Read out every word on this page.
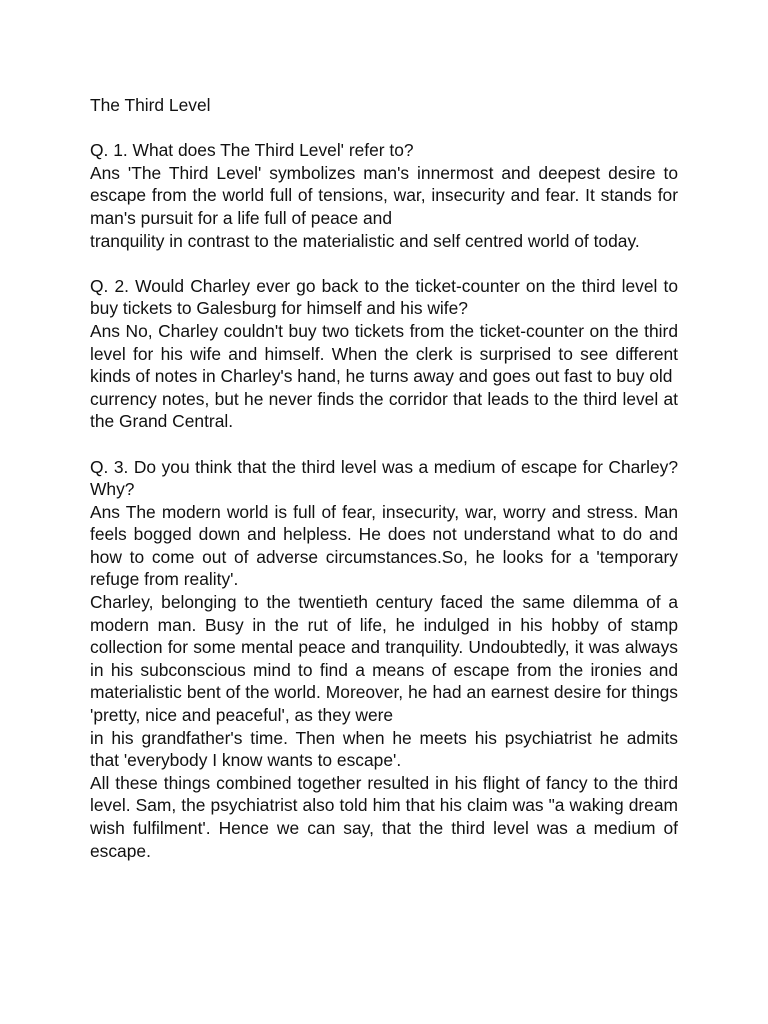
The Third Level

Q. 1. What does The Third Level' refer to?

Ans 'The Third Level' symbolizes man's innermost and deepest desire to escape from the world full of tensions, war, insecurity and fear. It stands for man's pursuit for a life full of peace and
tranquility in contrast to the materialistic and self centred world of today.

Q. 2. Would Charley ever go back to the ticket-counter on the third level to buy tickets to Galesburg for himself and his wife?

Ans No, Charley couldn't buy two tickets from the ticket-counter on the third level for his wife and himself. When the clerk is surprised to see different kinds of notes in Charley's hand, he turns away and goes out fast to buy old
currency notes, but he never finds the corridor that leads to the third level at the Grand Central.

Q. 3. Do you think that the third level was a medium of escape for Charley? Why?

Ans The modern world is full of fear, insecurity, war, worry and stress. Man feels bogged down and helpless. He does not understand what to do and how to come out of adverse circumstances.So, he looks for a 'temporary refuge from reality'.

Charley, belonging to the twentieth century faced the same dilemma of a modern man. Busy in the rut of life, he indulged in his hobby of stamp collection for some mental peace and tranquility. Undoubtedly, it was always in his subconscious mind to find a means of escape from the ironies and materialistic bent of the world. Moreover, he had an earnest desire for things 'pretty, nice and peaceful', as they were
in his grandfather's time. Then when he meets his psychiatrist he admits that 'everybody I know wants to escape'.

All these things combined together resulted in his flight of fancy to the third level. Sam, the psychiatrist also told him that his claim was "a waking dream wish fulfilment'. Hence we can say, that the third level was a medium of escape.
